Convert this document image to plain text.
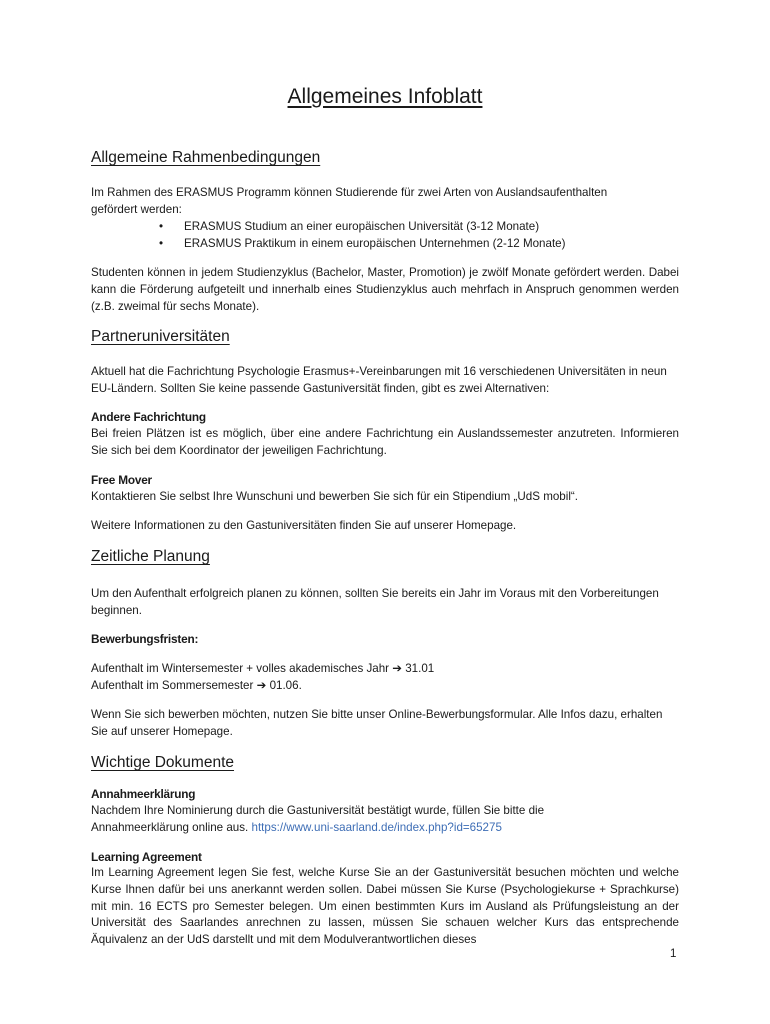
Allgemeines Infoblatt
Allgemeine Rahmenbedingungen

Im Rahmen des ERASMUS Programm können Studierende für zwei Arten von Auslandsaufenthalten

gefördert werden:

• ERASMUS Studium an einer europäischen Universität (3-12 Monate)
• ERASMUS Praktikum in einem europäischen Unternehmen (2-12 Monate)

Studenten können in jedem Studienzyklus (Bachelor, Master, Promotion) je zwölf Monate gefördert werden. Dabei kann die Förderung aufgeteilt und innerhalb eines Studienzyklus auch mehrfach in Anspruch genommen werden (z.B. zweimal für sechs Monate).

Partneruniversitäten

Aktuell hat die Fachrichtung Psychologie Erasmus+-Vereinbarungen mit 16 verschiedenen Universitäten in neun EU-Ländern. Sollten Sie keine passende Gastuniversität finden, gibt es zwei Alternativen:

Andere Fachrichtung

Bei freien Plätzen ist es möglich, über eine andere Fachrichtung ein Auslandssemester anzutreten. Informieren Sie sich bei dem Koordinator der jeweiligen Fachrichtung.

Free Mover

Kontaktieren Sie selbst Ihre Wunschuni und bewerben Sie sich für ein Stipendium „UdS mobil“.

Weitere Informationen zu den Gastuniversitäten finden Sie auf unserer Homepage.

Zeitliche Planung

Um den Aufenthalt erfolgreich planen zu können, sollten Sie bereits ein Jahr im Voraus mit den Vorbereitungen beginnen.

Bewerbungsfristen:

Aufenthalt im Wintersemester + volles akademisches Jahr ➔ 31.01

Aufenthalt im Sommersemester ➔ 01.06.

Wenn Sie sich bewerben möchten, nutzen Sie bitte unser Online-Bewerbungsformular. Alle Infos dazu, erhalten Sie auf unserer Homepage.

Wichtige Dokumente

Annahmeerklärung

Nachdem Ihre Nominierung durch die Gastuniversität bestätigt wurde, füllen Sie bitte die

Annahmeerklärung online aus. https://www.uni-saarland.de/index.php?id=65275

Learning Agreement

Im Learning Agreement legen Sie fest, welche Kurse Sie an der Gastuniversität besuchen möchten und welche Kurse Ihnen dafür bei uns anerkannt werden sollen. Dabei müssen Sie Kurse (Psychologiekurse + Sprachkurse) mit min. 16 ECTS pro Semester belegen. Um einen bestimmten Kurs im Ausland als Prüfungsleistung an der Universität des Saarlandes anrechnen zu lassen, müssen Sie schauen welcher Kurs das entsprechende Äquivalenz an der UdS darstellt und mit dem Modulverantwortlichen dieses

1
